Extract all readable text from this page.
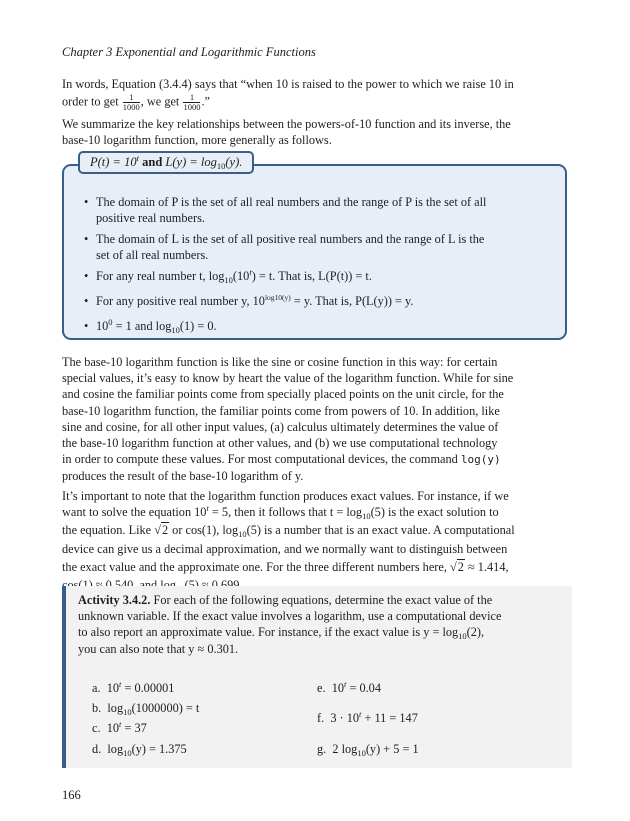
Chapter 3 Exponential and Logarithmic Functions
In words, Equation (3.4.4) says that “when 10 is raised to the power to which we raise 10 in
order to get $\frac{1}{1000}$ , we get $\frac{1}{1000}$ .”
We summarize the key relationships between the powers-of-10 function and its inverse, the
base-10 logarithm function, more generally as follows.
$P(t) = 10^t$ and $L(y) = \log_{10}(y)$.
• The domain of P is the set of all real numbers and the range of P is the set of all

positive real numbers.

• The domain of L is the set of all positive real numbers and the range of L is the

set of all real numbers.

• For any real number t, $\log_{10}(10^t) = t$. That is, L(P(t)) = t.

• For any positive real number y, $10^{log10(y)} = y$. That is, P(L(y)) = y.

• $10^0 = 1$ and $\log_{10}(1) = 0$.

The base-10 logarithm function is like the sine or cosine function in this way: for certain
special values, it’s easy to know by heart the value of the logarithm function. While for sine
and cosine the familiar points come from specially placed points on the unit circle, for the
base-10 logarithm function, the familiar points come from powers of 10. In addition, like
sine and cosine, for all other input values, (a) calculus ultimately determines the value of
the base-10 logarithm function at other values, and (b) we use computational technology
in order to compute these values. For most computational devices, the command log(y)
produces the result of the base-10 logarithm of y.
It’s important to note that the logarithm function produces exact values. For instance, if we
want to solve the equation $10^t = 5$, then it follows that $t = \log_{10}(5)$ is the exact solution to
the equation. Like √2 or cos(1), $\log_{10}(5)$ is a number that is an exact value. A computational
device can give us a decimal approximation, and we normally want to distinguish between
the exact value and the approximate one. For the three different numbers here, √2 ≈ 1.414,
Activity 3.4.2. For each of the following equations, determine the exact value of the
unknown variable. If the exact value involves a logarithm, use a computational device
to also report an approximate value. For instance, if the exact value is $y = \log_{10}(2)$,
you can also note that y ≈ 0.301.
a. $10^t = 0.00001$
b. $\log_{10}(1000000) = t$
c. $10^t = 37$
d. $\log_{10}(y) = 1.375$
e. $10^t = 0.04$
f. $3 \cdot 10^t + 11 = 147$
g. 2 $\log_{10}(y) + 5 = 1$
166
